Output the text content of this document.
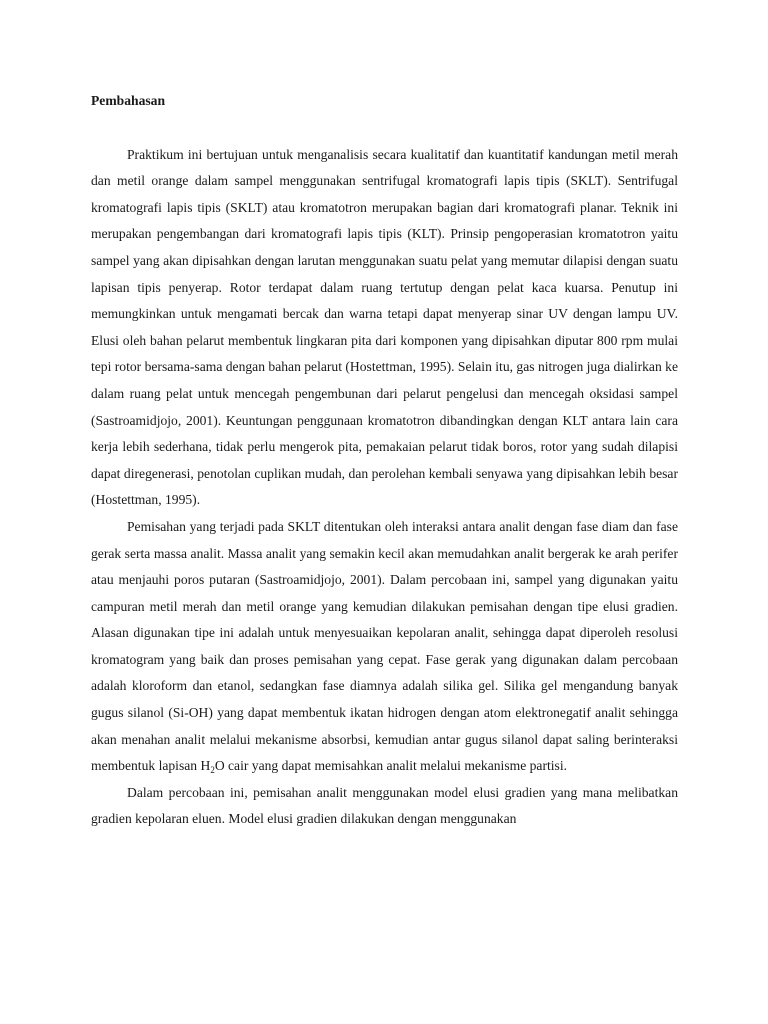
Pembahasan

Praktikum ini bertujuan untuk menganalisis secara kualitatif dan kuantitatif kandungan metil merah dan metil orange dalam sampel menggunakan sentrifugal kromatografi lapis tipis (SKLT). Sentrifugal kromatografi lapis tipis (SKLT) atau kromatotron merupakan bagian dari kromatografi planar. Teknik ini merupakan pengembangan dari kromatografi lapis tipis (KLT). Prinsip pengoperasian kromatotron yaitu sampel yang akan dipisahkan dengan larutan menggunakan suatu pelat yang memutar dilapisi dengan suatu lapisan tipis penyerap. Rotor terdapat dalam ruang tertutup dengan pelat kaca kuarsa. Penutup ini memungkinkan untuk mengamati bercak dan warna tetapi dapat menyerap sinar UV dengan lampu UV. Elusi oleh bahan pelarut membentuk lingkaran pita dari komponen yang dipisahkan diputar 800 rpm mulai tepi rotor bersama-sama dengan bahan pelarut (Hostettman, 1995). Selain itu, gas nitrogen juga dialirkan ke dalam ruang pelat untuk mencegah pengembunan dari pelarut pengelusi dan mencegah oksidasi sampel (Sastroamidjojo, 2001). Keuntungan penggunaan kromatotron dibandingkan dengan KLT antara lain cara kerja lebih sederhana, tidak perlu mengerok pita, pemakaian pelarut tidak boros, rotor yang sudah dilapisi dapat diregenerasi, penotolan cuplikan mudah, dan perolehan kembali senyawa yang dipisahkan lebih besar (Hostettman, 1995).

Pemisahan yang terjadi pada SKLT ditentukan oleh interaksi antara analit dengan fase diam dan fase gerak serta massa analit. Massa analit yang semakin kecil akan memudahkan analit bergerak ke arah perifer atau menjauhi poros putaran (Sastroamidjojo, 2001). Dalam percobaan ini, sampel yang digunakan yaitu campuran metil merah dan metil orange yang kemudian dilakukan pemisahan dengan tipe elusi gradien. Alasan digunakan tipe ini adalah untuk menyesuaikan kepolaran analit, sehingga dapat diperoleh resolusi kromatogram yang baik dan proses pemisahan yang cepat. Fase gerak yang digunakan dalam percobaan adalah kloroform dan etanol, sedangkan fase diamnya adalah silika gel. Silika gel mengandung banyak gugus silanol (Si-OH) yang dapat membentuk ikatan hidrogen dengan atom elektronegatif analit sehingga akan menahan analit melalui mekanisme absorbsi, kemudian antar gugus silanol dapat saling berinteraksi membentuk lapisan $H_2O$ cair yang dapat memisahkan analit melalui mekanisme partisi.

Dalam percobaan ini, pemisahan analit menggunakan model elusi gradien yang mana melibatkan gradien kepolaran eluen. Model elusi gradien dilakukan dengan menggunakan
